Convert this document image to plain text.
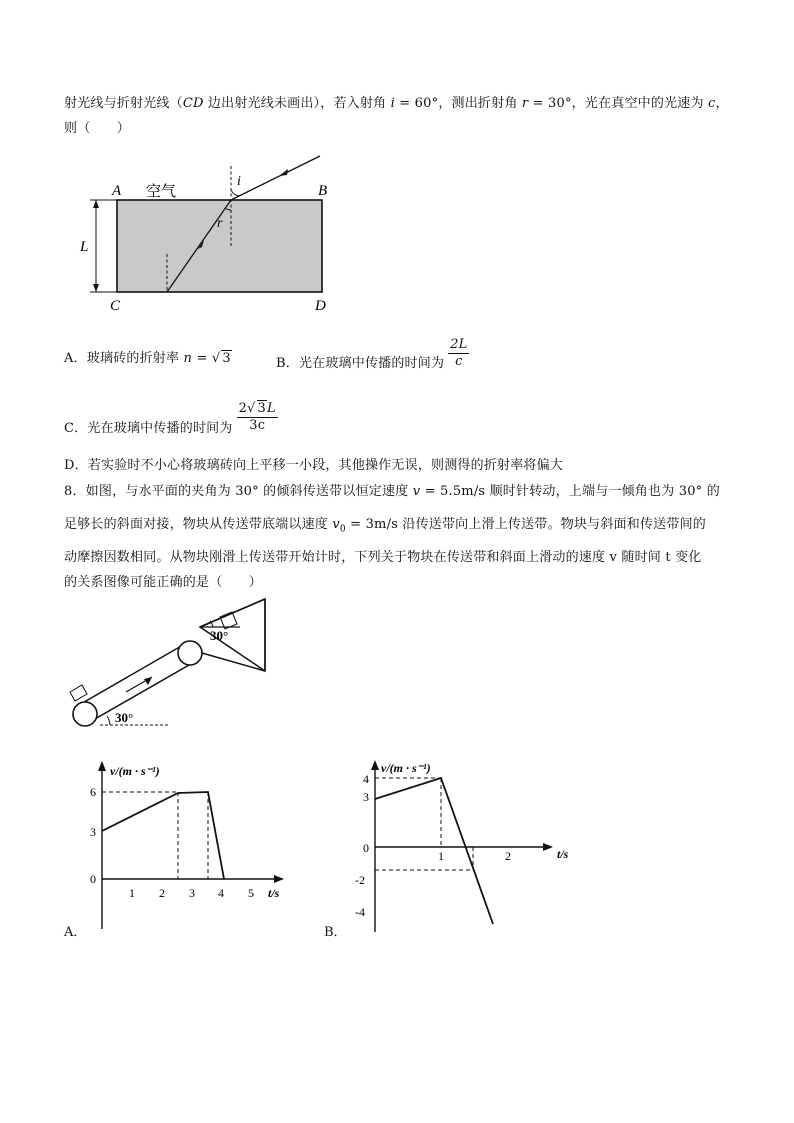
射光线与折射光线（CD 边出射光线未画出），若入射角 i = 60°，测出折射角 r = 30°，光在真空中的光速为 c，
则（　　）
A 空气	B
C	D
L
i
r
A．玻璃砖的折射率 n = √ 3	B．光在玻璃中传播的时间为 $\frac{2L}{c}$
C．光在玻璃中传播的时间为 $\frac{2√ 3L}{3c}$
D．若实验时不小心将玻璃砖向上平移一小段，其他操作无误，则测得的折射率将偏大
8．如图，与水平面的夹角为 30° 的倾斜传送带以恒定速度 v = 5.5m/s 顺时针转动，上端与一倾角也为 30° 的
足够长的斜面对接，物块从传送带底端以速度 $v_0 = 3m/s$ 沿传送带向上滑上传送带。物块与斜面和传送带间的
动摩擦因数相同。从物块刚滑上传送带开始计时，下列关于物块在传送带和斜面上滑动的速度 v 随时间 t 变化
的关系图像可能正确的是（　　）
30°
30°
v/(m · s⁻¹)
t/s
6
3
0
1 2 3 4 5
A．
v/(m · s⁻¹)
t/s
4
3
0
-2
-4
1	2
B．
